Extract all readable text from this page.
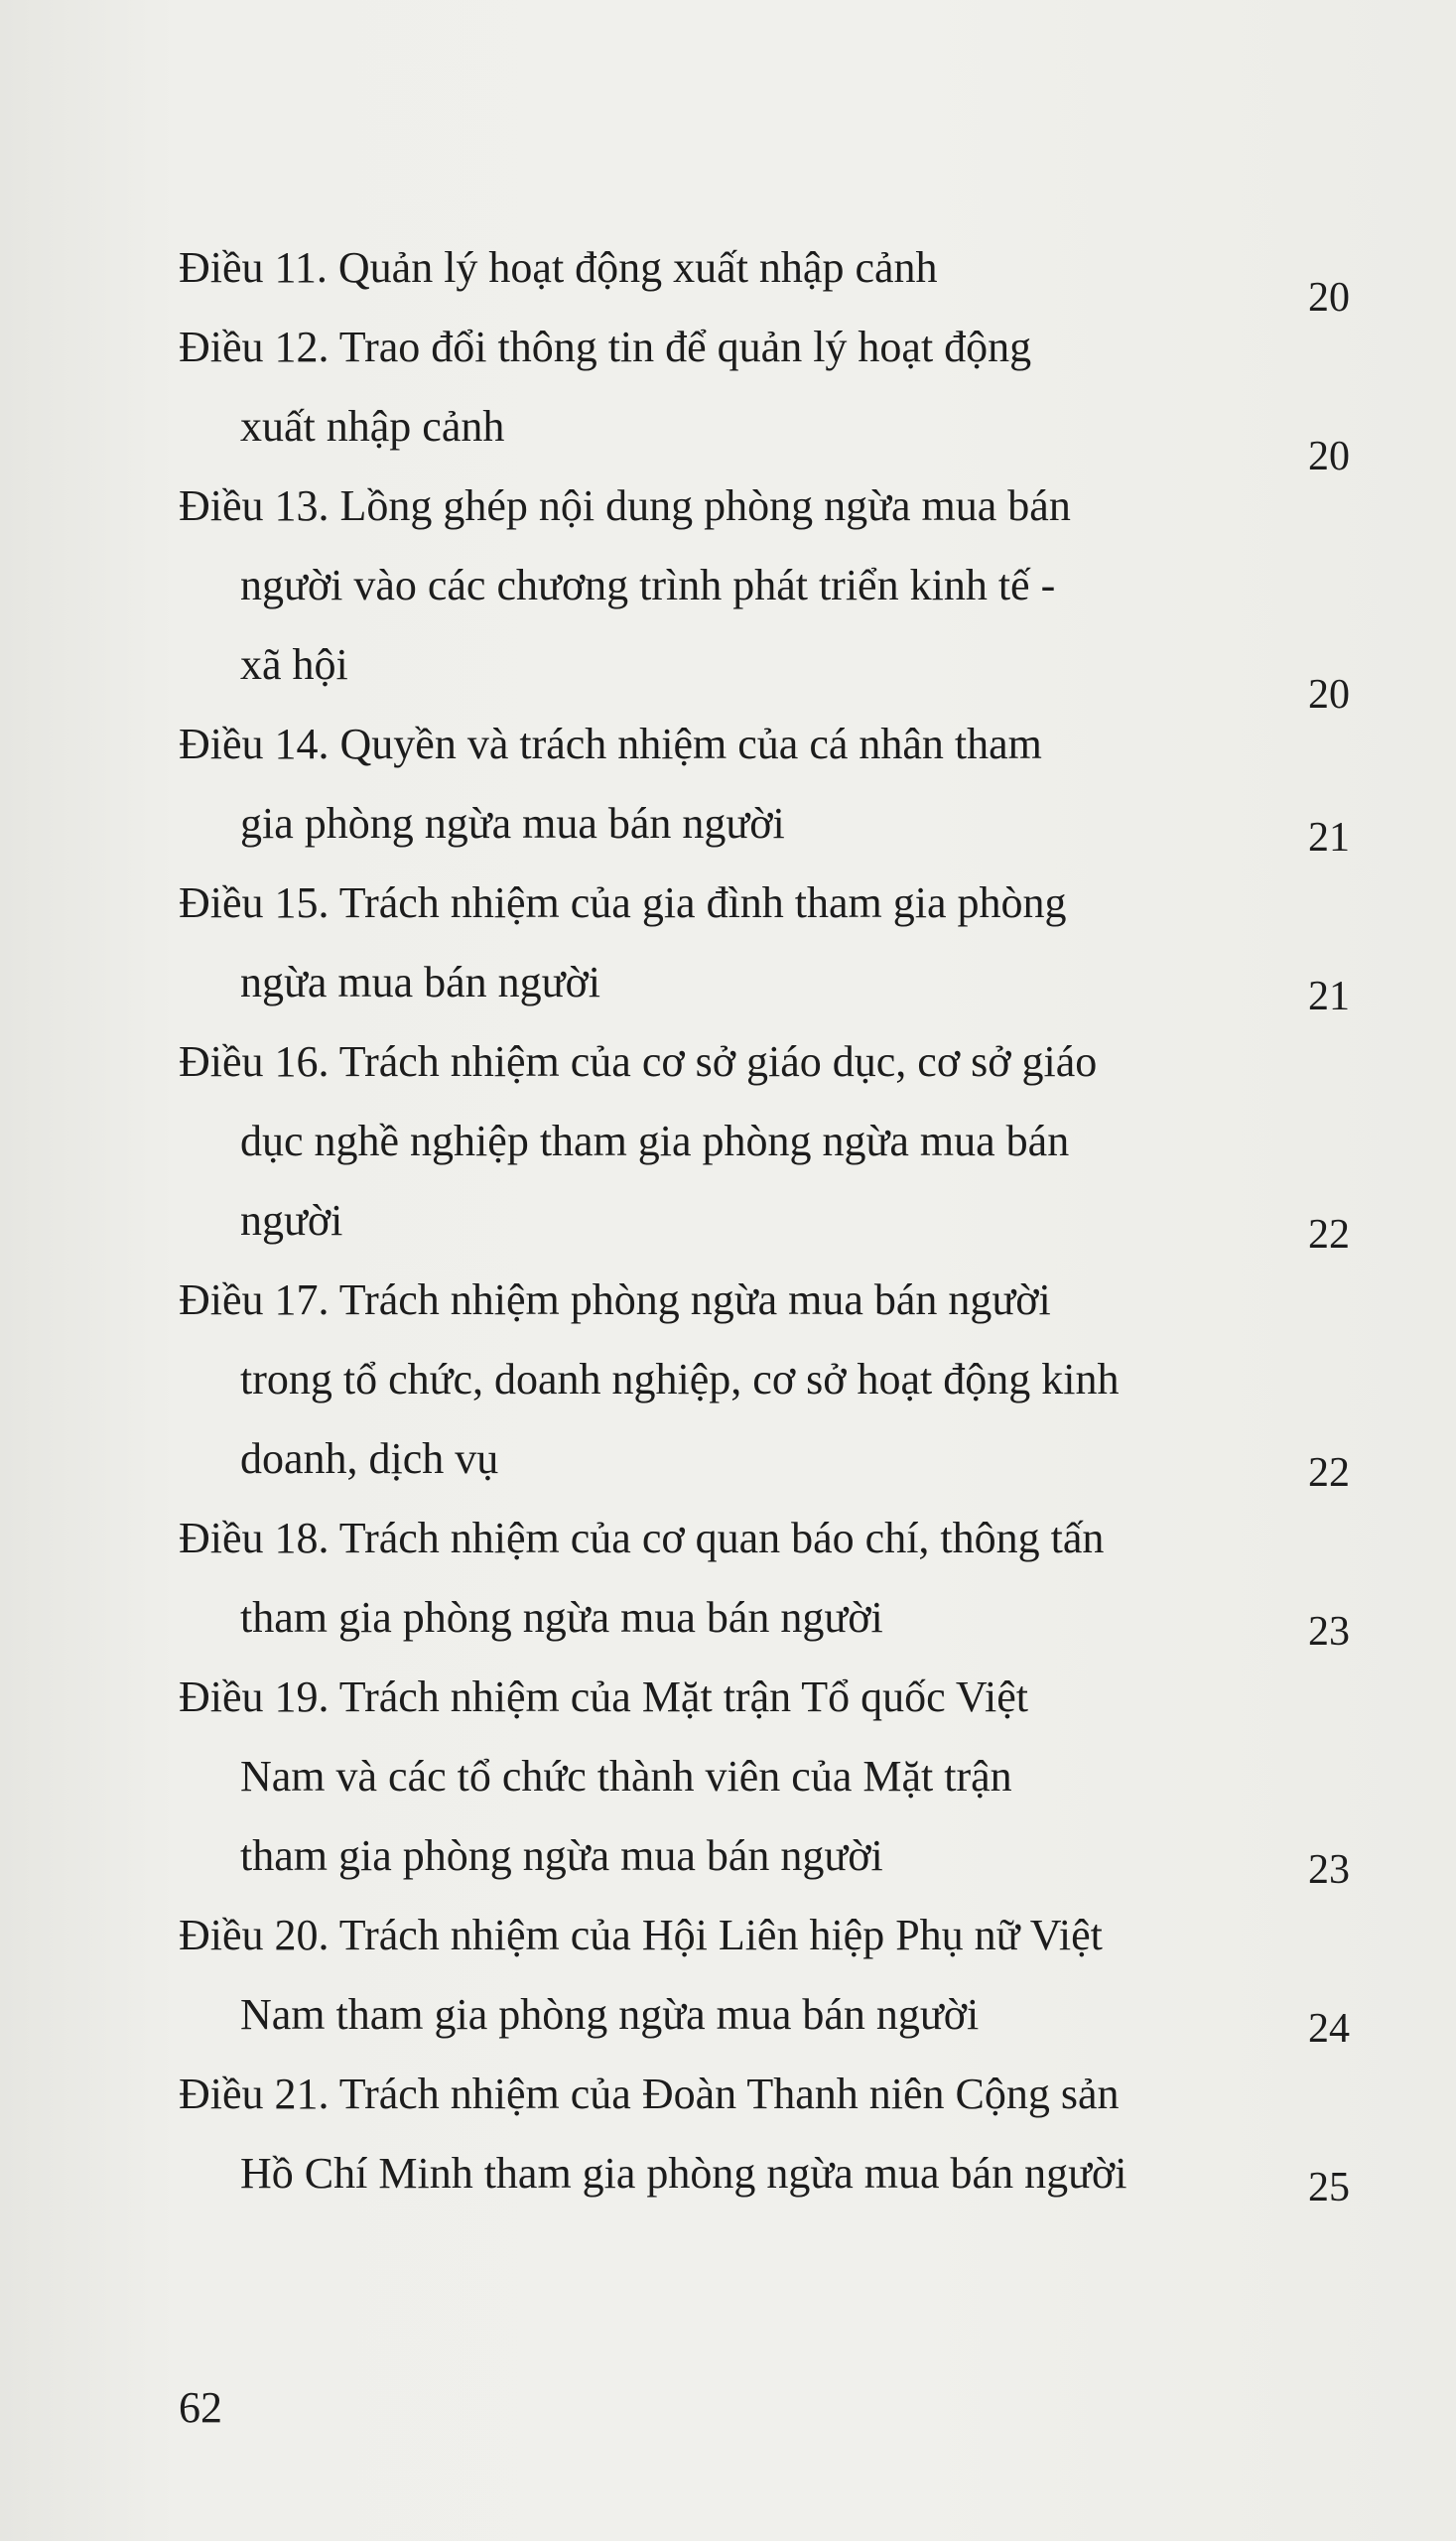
Điều 11. Quản lý hoạt động xuất nhập cảnh
20
Điều 12. Trao đổi thông tin để quản lý hoạt động
xuất nhập cảnh
20
Điều 13. Lồng ghép nội dung phòng ngừa mua bán
người vào các chương trình phát triển kinh tế -
xã hội
20
Điều 14. Quyền và trách nhiệm của cá nhân tham
gia phòng ngừa mua bán người	21
Điều 15. Trách nhiệm của gia đình tham gia phòng
ngừa mua bán người	21
Điều 16. Trách nhiệm của cơ sở giáo dục, cơ sở giáo
dục nghề nghiệp tham gia phòng ngừa mua bán
người	22
Điều 17. Trách nhiệm phòng ngừa mua bán người
trong tổ chức, doanh nghiệp, cơ sở hoạt động kinh
doanh, dịch vụ	22
Điều 18. Trách nhiệm của cơ quan báo chí, thông tấn
tham gia phòng ngừa mua bán người	23
Điều 19. Trách nhiệm của Mặt trận Tổ quốc Việt
Nam và các tổ chức thành viên của Mặt trận
tham gia phòng ngừa mua bán người	23
Điều 20. Trách nhiệm của Hội Liên hiệp Phụ nữ Việt
Nam tham gia phòng ngừa mua bán người	24
Điều 21. Trách nhiệm của Đoàn Thanh niên Cộng sản
Hồ Chí Minh tham gia phòng ngừa mua bán người	25
62
